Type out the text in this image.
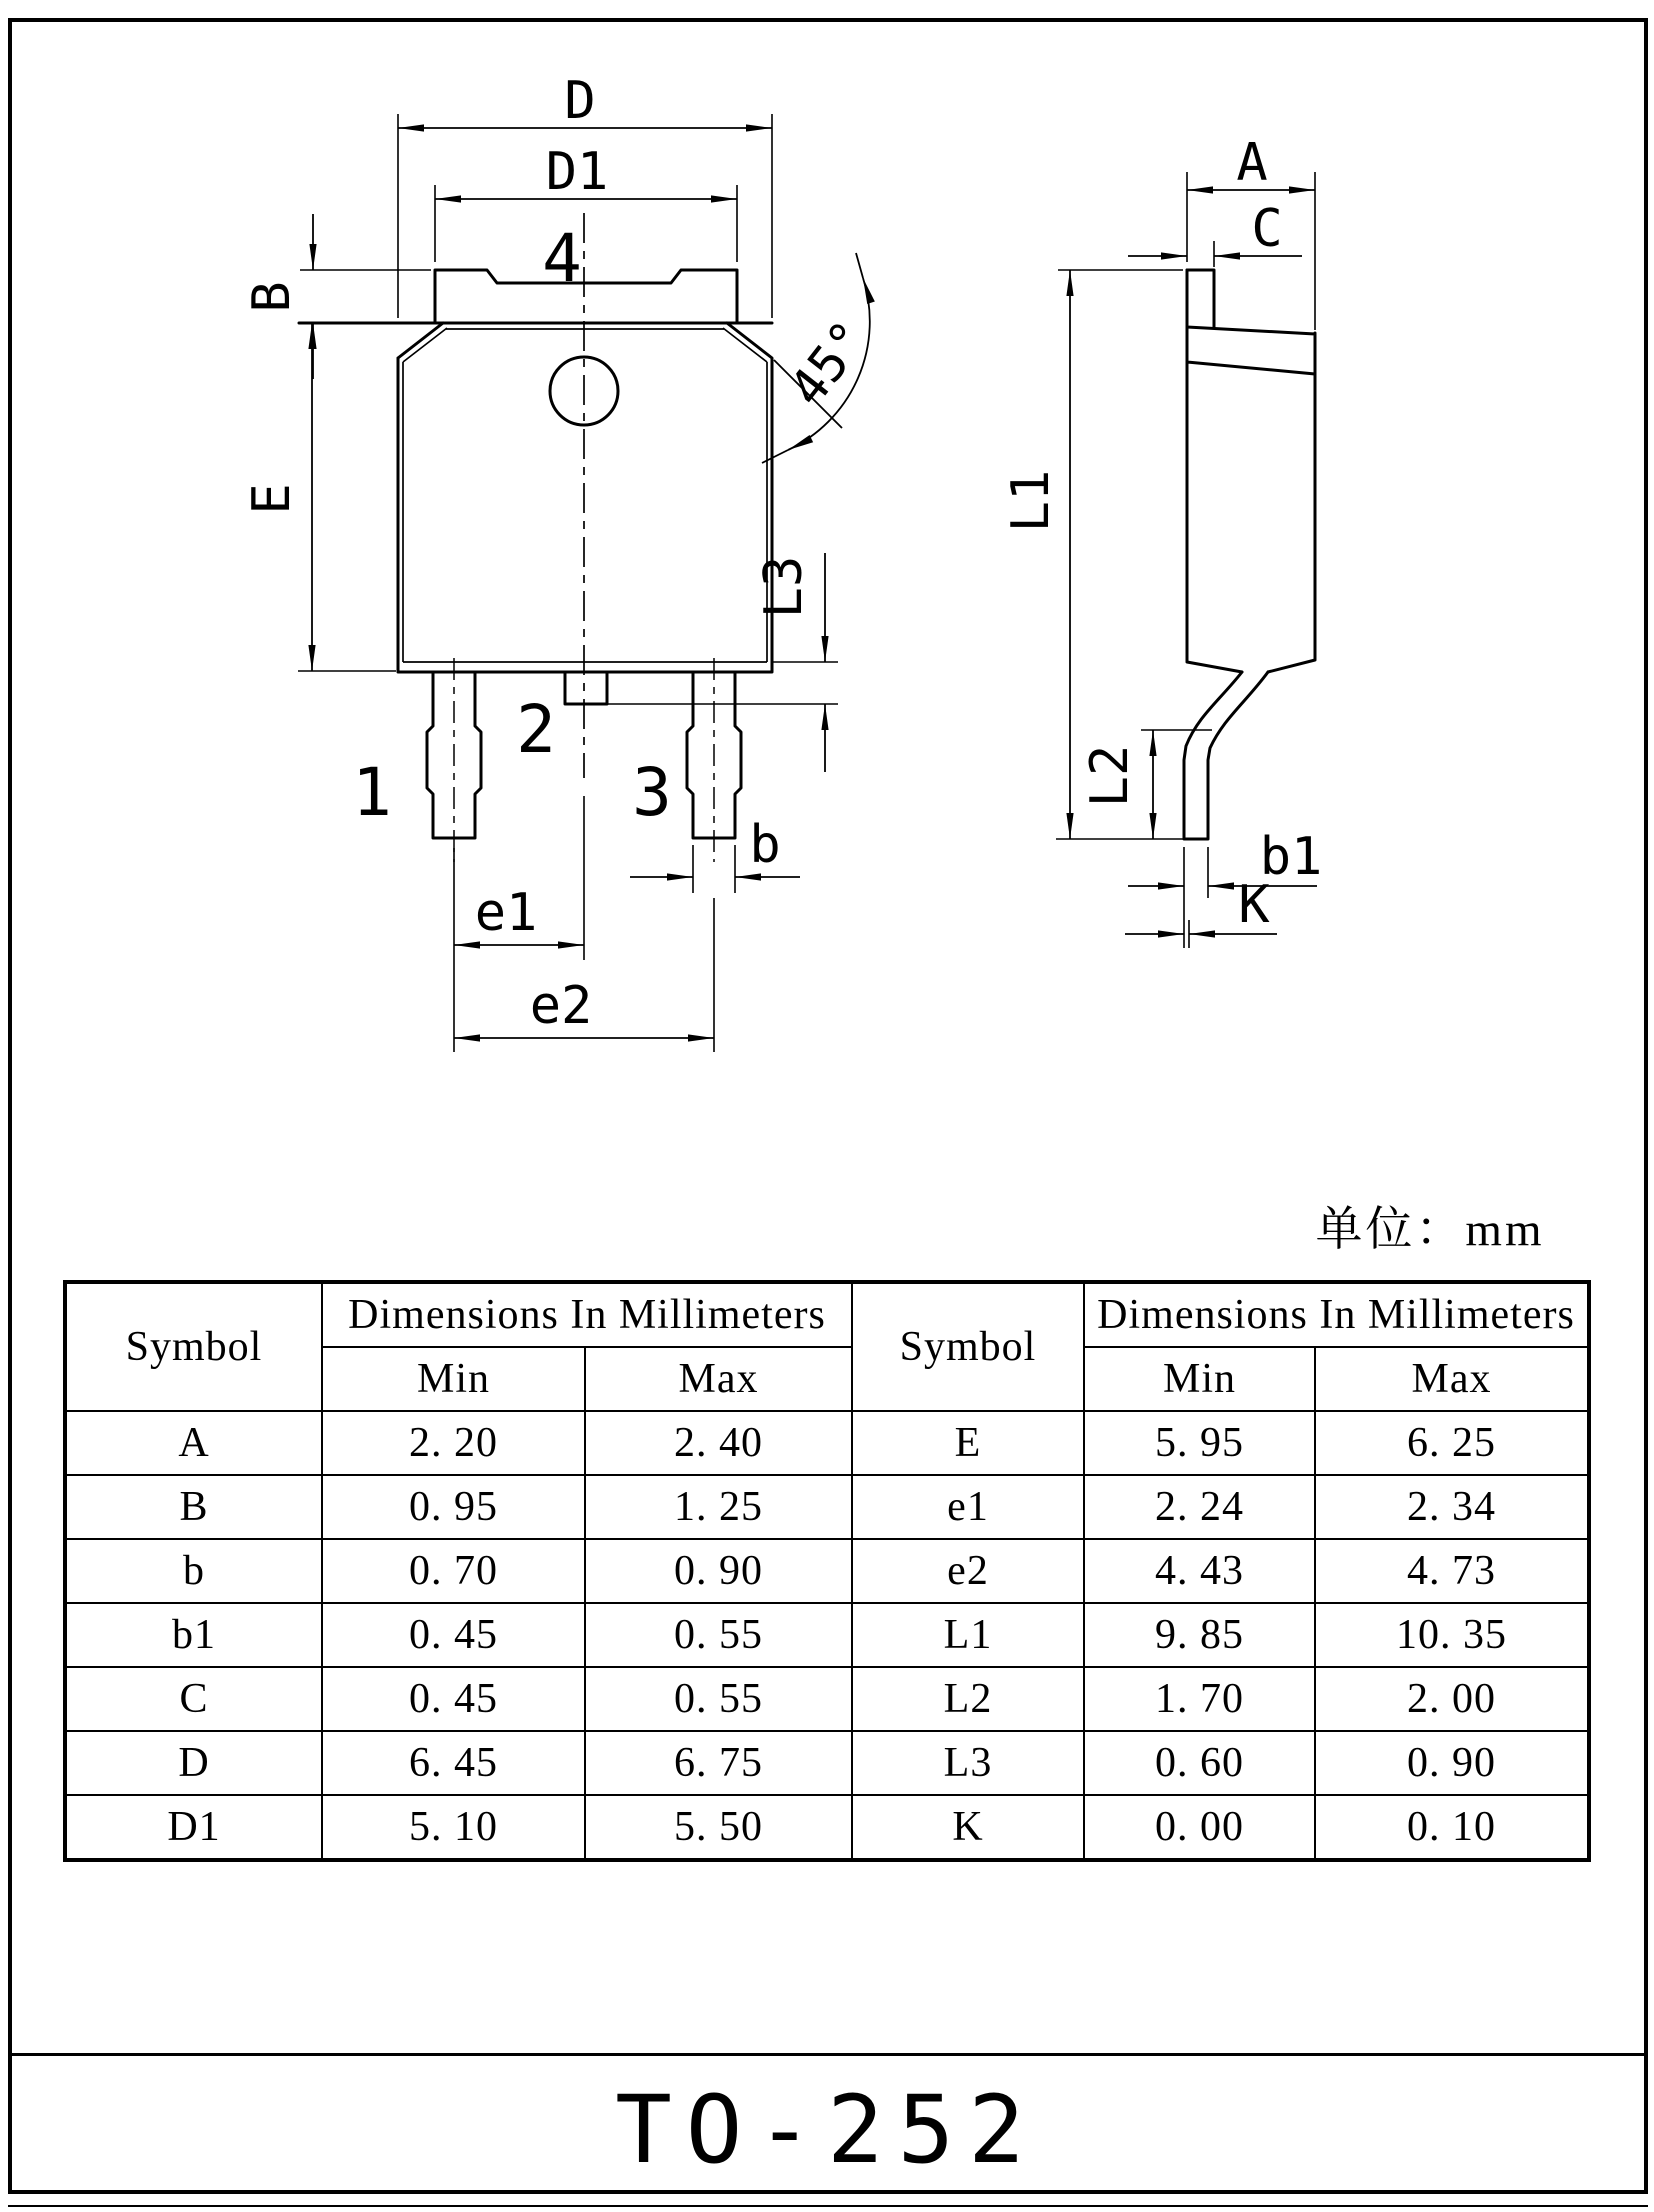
D
D1
B
E
L3
b
e1
e2
45°
1
2
3
4
A
C
L1
L2
b1
K
单位：mm
Symbol	Dimensions In Millimeters		Symbol	Dimensions In Millimeters	
	Min	Max		Min	Max
A	2. 20	2. 40	E	5. 95	6. 25
B	0. 95	1. 25	e1	2. 24	2. 34
b	0. 70	0. 90	e2	4. 43	4. 73
b1	0. 45	0. 55	L1	9. 85	10. 35
C	0. 45	0. 55	L2	1. 70	2. 00
D	6. 45	6. 75	L3	0. 60	0. 90
D1	5. 10	5. 50	K	0. 00	0. 10
TO-252
